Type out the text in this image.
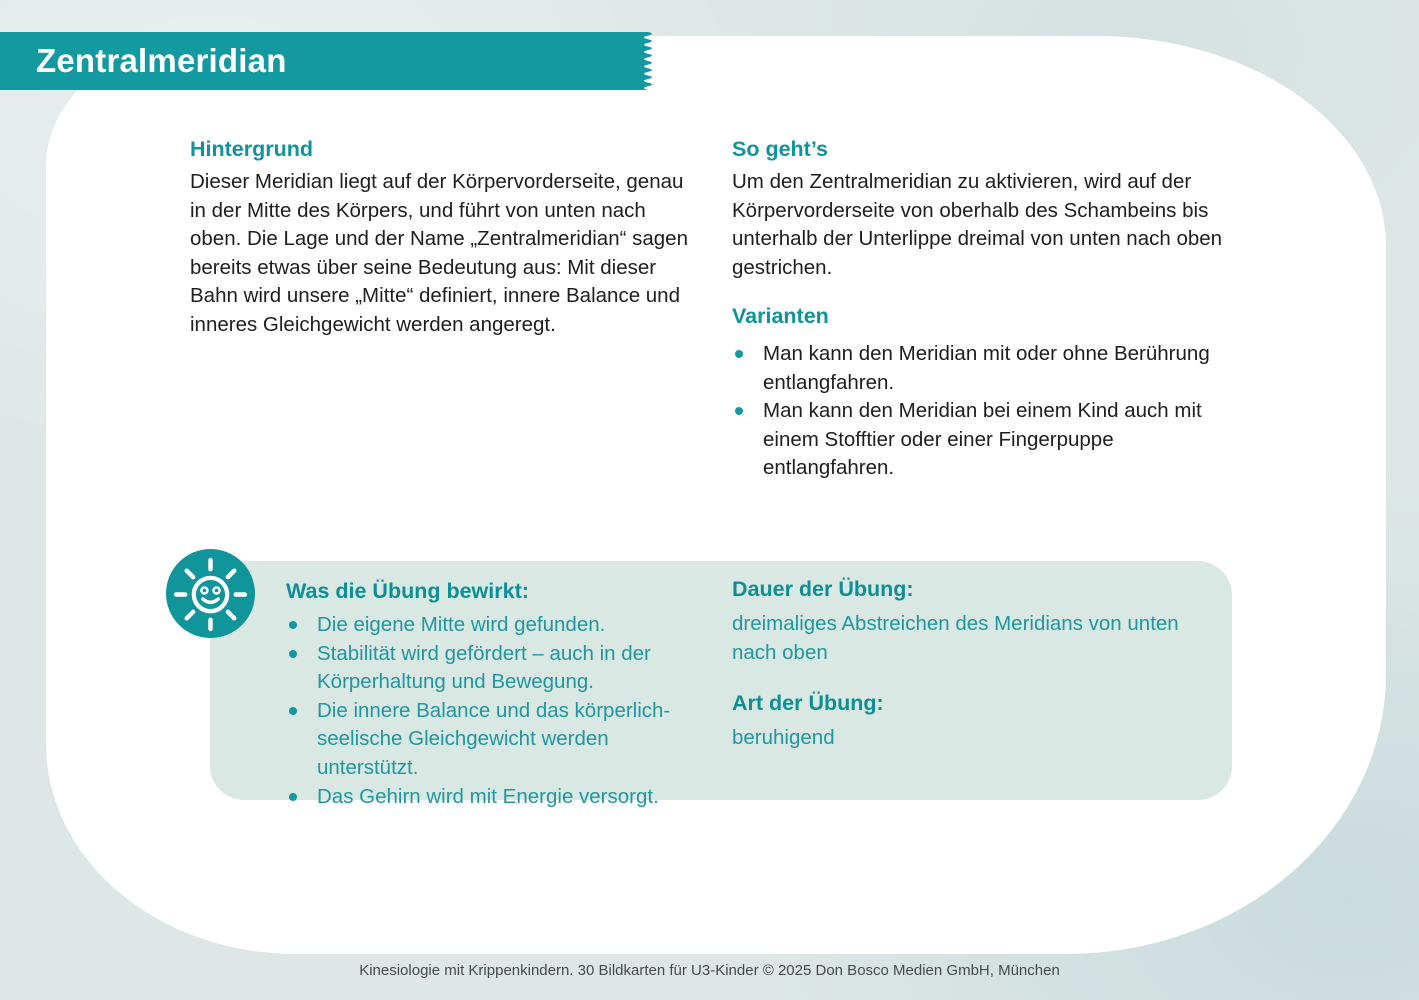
Zentralmeridian
Hintergrund
Dieser Meridian liegt auf der Körpervorderseite, genau in der Mitte des Körpers, und führt von unten nach oben. Die Lage und der Name „Zentralmeridian“ sagen bereits etwas über seine Bedeutung aus: Mit dieser Bahn wird unsere „Mitte“ definiert, innere Balance und inneres Gleichgewicht werden angeregt.
So geht’s
Um den Zentralmeridian zu aktivieren, wird auf der Körpervorderseite von oberhalb des Schambeins bis unterhalb der Unterlippe dreimal von unten nach oben gestrichen.
Varianten
Man kann den Meridian mit oder ohne Berührung entlangfahren.
Man kann den Meridian bei einem Kind auch mit einem Stofftier oder einer Fingerpuppe entlangfahren.
Was die Übung bewirkt:
Die eigene Mitte wird gefunden.
Stabilität wird gefördert – auch in der Körperhaltung und Bewegung.
Die innere Balance und das körperlich-seelische Gleichgewicht werden unterstützt.
Das Gehirn wird mit Energie versorgt.
Dauer der Übung:
dreimaliges Abstreichen des Meridians von unten nach oben
Art der Übung:
beruhigend
Kinesiologie mit Krippenkindern. 30 Bildkarten für U3-Kinder © 2025 Don Bosco Medien GmbH, München
